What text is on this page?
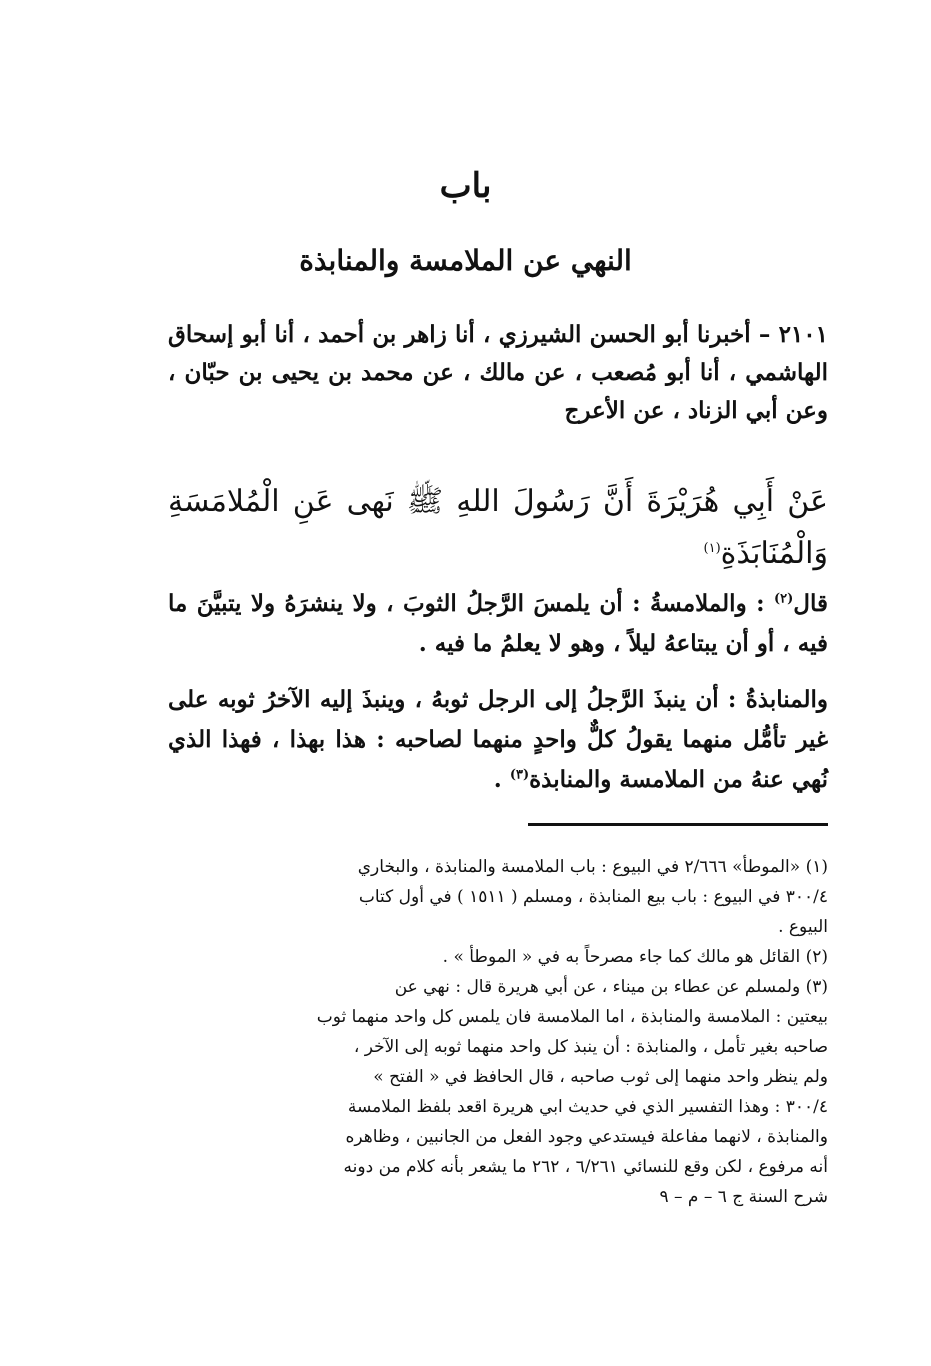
باب
النهي عن الملامسة والمنابذة
٢١٠١ – أخبرنا أبو الحسن الشيرزي ، أنا زاهر بن أحمد ، أنا أبو إسحاق الهاشمي ، أنا أبو مُصعب ، عن مالك ، عن محمد بن يحيى بن حبّان ، وعن أبي الزناد ، عن الأعرج
عَنْ أَبِي هُرَيْرَةَ أَنَّ رَسُولَ اللهِ ﷺ نَهى عَنِ الْمُلامَسَةِ وَالْمُنَابَذَةِ$^{(١)}$
قال$^{(٢)}$ : والملامسةُ : أن يلمسَ الرَّجلُ الثوبَ ، ولا ينشرَهُ ولا يتبيَّنَ ما فيه ، أو أن يبتاعهُ ليلاً ، وهو لا يعلمُ ما فيه .
والمنابذةُ : أن ينبذَ الرَّجلُ إلى الرجل ثوبهُ ، وينبذَ إليه الآخرُ ثوبه على غير تأمُّل منهما يقولُ كلٌّ واحدٍ منهما لصاحبه : هذا بهذا ، فهذا الذي نُهي عنهُ من الملامسة والمنابذة$^{(٣)}$ .

(١) «الموطأ» ٢/٦٦٦ في البيوع : باب الملامسة والمنابذة ، والبخاري
٣٠٠/٤ في البيوع : باب بيع المنابذة ، ومسلم ( ١٥١١ ) في أول كتاب
البيوع .

(٢) القائل هو مالك كما جاء مصرحاً به في « الموطأ » .

(٣) ولمسلم عن عطاء بن ميناء ، عن أبي هريرة قال : نهي عن
بيعتين : الملامسة والمنابذة ، اما الملامسة فان يلمس كل واحد منهما ثوب
صاحبه بغير تأمل ، والمنابذة : أن ينبذ كل واحد منهما ثوبه إلى الآخر ،
ولم ينظر واحد منهما إلى ثوب صاحبه ، قال الحافظ في « الفتح »
٣٠٠/٤ : وهذا التفسير الذي في حديث ابي هريرة اقعد بلفظ الملامسة
والمنابذة ، لانهما مفاعلة فيستدعي وجود الفعل من الجانبين ، وظاهره
أنه مرفوع ، لكن وقع للنسائي ٦/٢٦١ ، ٢٦٢ ما يشعر بأنه كلام من دونه

شرح السنة ج ٦ – م – ٩
